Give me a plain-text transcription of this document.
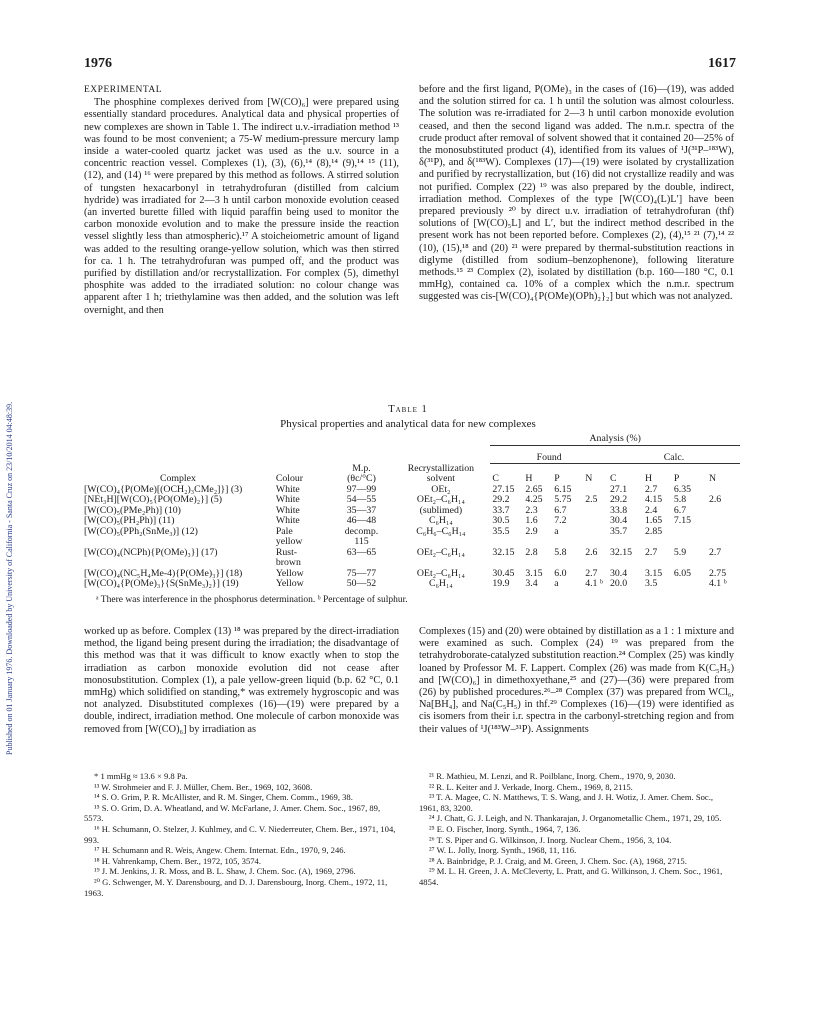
Published on 01 January 1976. Downloaded by University of California - Santa Cruz on 23/10/2014 04:48:39.
1976	1617

EXPERIMENTAL

The phosphine complexes derived from [W(CO)₆] were prepared using essentially standard procedures. Analytical data and physical properties of new complexes are shown in Table 1. The indirect u.v.-irradiation method ¹³ was found to be most convenient; a 75-W medium-pressure mercury lamp inside a water-cooled quartz jacket was used as the u.v. source in a concentric reaction vessel. Complexes (1), (3), (6),¹⁴ (8),¹⁴ (9),¹⁴ ¹⁵ (11), (12), and (14) ¹⁶ were prepared by this method as follows. A stirred solution of tungsten hexacarbonyl in tetrahydrofuran (distilled from calcium hydride) was irradiated for 2—3 h until carbon monoxide evolution ceased (an inverted burette filled with liquid paraffin being used to monitor the carbon monoxide evolution and to make the pressure inside the reaction vessel slightly less than atmospheric).¹⁷ A stoicheiometric amount of ligand was added to the resulting orange-yellow solution, which was then stirred for ca. 1 h. The tetrahydrofuran was pumped off, and the product was purified by distillation and/or recrystallization. For complex (5), dimethyl phosphite was added to the irradiated solution: no colour change was apparent after 1 h; triethylamine was then added, and the solution was left overnight, and then

before and the first ligand, P(OMe)₃ in the cases of (16)—(19), was added and the solution stirred for ca. 1 h until the solution was almost colourless. The solution was re-irradiated for 2—3 h until carbon monoxide evolution ceased, and then the second ligand was added. The n.m.r. spectra of the crude product after removal of solvent showed that it contained 20—25% of the monosubstituted product (4), identified from its values of ¹J(³¹P–¹⁸³W), δ(³¹P), and δ(¹⁸³W). Complexes (17)—(19) were isolated by crystallization and purified by recrystallization, but (16) did not crystallize readily and was not purified. Complex (22) ¹⁹ was also prepared by the double, indirect, irradiation method. Complexes of the type [W(CO)₄(L)L′] have been prepared previously ²⁰ by direct u.v. irradiation of tetrahydrofuran (thf) solutions of [W(CO)₅L] and L′, but the indirect method described in the present work has not been reported before. Complexes (2), (4),¹⁵ ²¹ (7),¹⁴ ²² (10), (15),¹⁸ and (20) ²¹ were prepared by thermal-substitution reactions in diglyme (distilled from sodium–benzophenone), following literature methods.¹⁵ ²³ Complex (2), isolated by distillation (b.p. 160—180 °C, 0.1 mmHg), contained ca. 10% of a complex which the n.m.r. spectrum suggested was cis-[W(CO)₄{P(OMe)(OPh)₂}₂] but which was not analyzed.

Table 1
Physical properties and analytical data for new complexes
				Analysis (%)							

				Found				Calc.			
		M.p.	Recrystallization								
Complex	Colour	(θc/°C)	solvent	C	H	P	N	C	H	P	N
[W(CO)₄{P(OMe)[(OCH₂)₃CMe₂]}] (3)	White	97—99	OEt₂	27.15	2.65	6.15		27.1	2.7	6.35	
[NEt₃H][W(CO)₅{PO(OMe)₂}] (5)	White	54—55	OEt₂–C₆H₁₄	29.2	4.25	5.75	2.5	29.2	4.15	5.8	2.6
[W(CO)₅(PMe₂Ph)] (10)	White	35—37	(sublimed)	33.7	2.3	6.7		33.8	2.4	6.7	
[W(CO)₅(PH₂Ph)] (11)	White	46—48	C₆H₁₄	30.5	1.6	7.2		30.4	1.65	7.15	
[W(CO)₅(PPh₂(SnMe₃)] (12)	Pale	decomp.	C₆H₆–C₆H₁₄	35.5	2.9	a		35.7	2.85		
	yellow	115									
[W(CO)₄(NCPh){P(OMe)₃}] (17)	Rust-	63—65	OEt₂–C₆H₁₄	32.15	2.8	5.8	2.6	32.15	2.7	5.9	2.7
	brown										
[W(CO)₄(NC₅H₄Me-4){P(OMe)₃}] (18)	Yellow	75—77	OEt₂–C₆H₁₄	30.45	3.15	6.0	2.7	30.4	3.15	6.05	2.75
[W(CO)₄{P(OMe)₃}{S(SnMe₃)₂}] (19)	Yellow	50—52	C₆H₁₄	19.9	3.4	a	4.1 ᵇ	20.0	3.5		4.1 ᵇ
ᵃ There was interference in the phosphorus determination. ᵇ Percentage of sulphur.

worked up as before. Complex (13) ¹⁸ was prepared by the direct-irradiation method, the ligand being present during the irradiation; the disadvantage of this method was that it was difficult to know exactly when to stop the irradiation as carbon monoxide evolution did not cease after monosubstitution. Complex (1), a pale yellow-green liquid (b.p. 62 °C, 0.1 mmHg) which solidified on standing,* was extremely hygroscopic and was not analyzed. Disubstituted complexes (16)—(19) were prepared by a double, indirect, irradiation method. One molecule of carbon monoxide was removed from [W(CO)₆] by irradiation as

Complexes (15) and (20) were obtained by distillation as a 1 : 1 mixture and were examined as such. Complex (24) ¹⁹ was prepared from the tetrahydroborate-catalyzed substitution reaction.²⁴ Complex (25) was kindly loaned by Professor M. F. Lappert. Complex (26) was made from K(C₅H₅) and [W(CO)₆] in dimethoxyethane,²⁵ and (27)—(36) were prepared from (26) by published procedures.²⁶–²⁸ Complex (37) was prepared from WCl₆, Na[BH₄], and Na(C₅H₅) in thf.²⁹ Complexes (16)—(19) were identified as cis isomers from their i.r. spectra in the carbonyl-stretching region and from their values of ¹J(¹⁸³W–³¹P). Assignments

* 1 mmHg ≈ 13.6 × 9.8 Pa.

¹³ W. Strohmeier and F. J. Müller, Chem. Ber., 1969, 102, 3608.

¹⁴ S. O. Grim, P. R. McAllister, and R. M. Singer, Chem. Comm., 1969, 38.

¹⁵ S. O. Grim, D. A. Wheatland, and W. McFarlane, J. Amer. Chem. Soc., 1967, 89, 5573.

¹⁶ H. Schumann, O. Stelzer, J. Kuhlmey, and C. V. Niederreuter, Chem. Ber., 1971, 104, 993.

¹⁷ H. Schumann and R. Weis, Angew. Chem. Internat. Edn., 1970, 9, 246.

¹⁸ H. Vahrenkamp, Chem. Ber., 1972, 105, 3574.

¹⁹ J. M. Jenkins, J. R. Moss, and B. L. Shaw, J. Chem. Soc. (A), 1969, 2796.

²⁰ G. Schwenger, M. Y. Darensbourg, and D. J. Darensbourg, Inorg. Chem., 1972, 11, 1963.

²¹ R. Mathieu, M. Lenzi, and R. Poilblanc, Inorg. Chem., 1970, 9, 2030.

²² R. L. Keiter and J. Verkade, Inorg. Chem., 1969, 8, 2115.

²³ T. A. Magee, C. N. Matthews, T. S. Wang, and J. H. Wotiz, J. Amer. Chem. Soc., 1961, 83, 3200.

²⁴ J. Chatt, G. J. Leigh, and N. Thankarajan, J. Organometallic Chem., 1971, 29, 105.

²⁵ E. O. Fischer, Inorg. Synth., 1964, 7, 136.

²⁶ T. S. Piper and G. Wilkinson, J. Inorg. Nuclear Chem., 1956, 3, 104.

²⁷ W. L. Jolly, Inorg. Synth., 1968, 11, 116.

²⁸ A. Bainbridge, P. J. Craig, and M. Green, J. Chem. Soc. (A), 1968, 2715.

²⁹ M. L. H. Green, J. A. McCleverty, L. Pratt, and G. Wilkinson, J. Chem. Soc., 1961, 4854.
